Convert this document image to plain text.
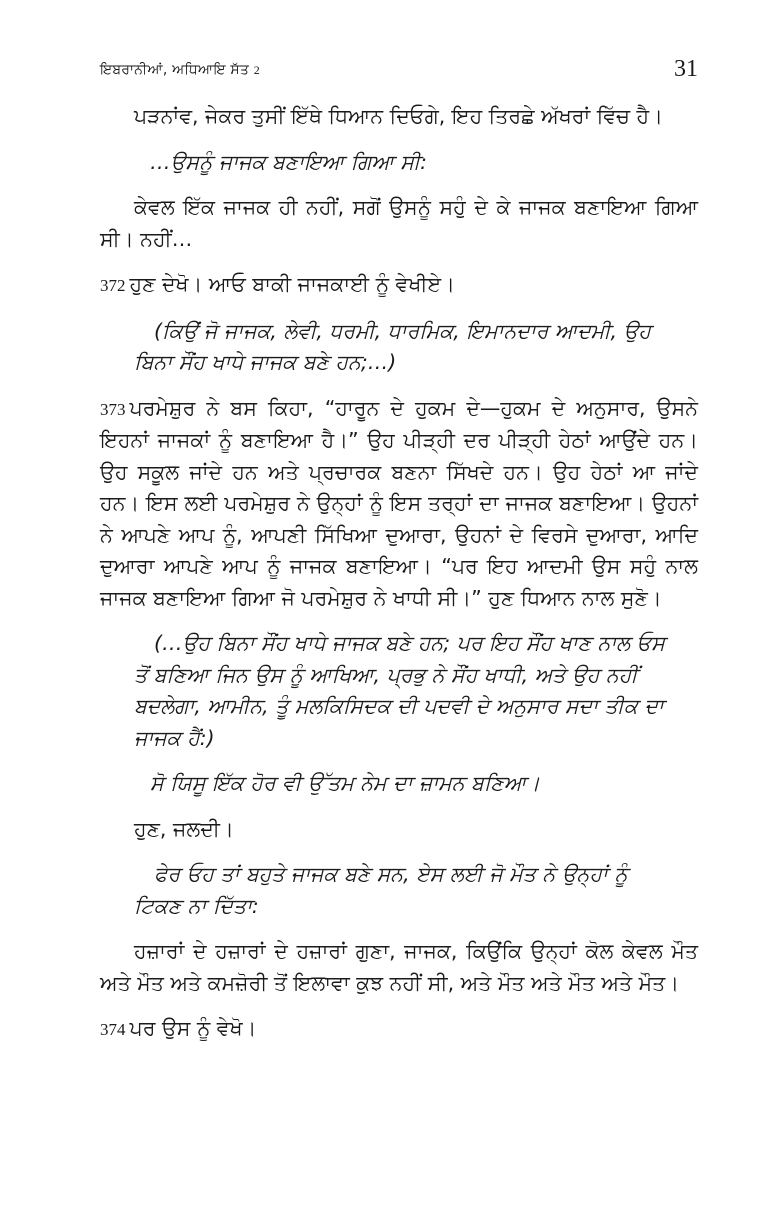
ਇਬਰਾਨੀਆਂ, ਅਧਿਆਇ ਸੱਤ 2	31

ਪੜਨਾਂਵ, ਜੇਕਰ ਤੁਸੀਂ ਇੱਥੇ ਧਿਆਨ ਦਿਓਗੇ, ਇਹ ਤਿਰਛੇ ਅੱਖਰਾਂ ਵਿੱਚ ਹੈ।

…ਉਸਨੂੰ ਜਾਜਕ ਬਣਾਇਆ ਗਿਆ ਸੀ:

ਕੇਵਲ ਇੱਕ ਜਾਜਕ ਹੀ ਨਹੀਂ, ਸਗੋਂ ਉਸਨੂੰ ਸਹੁੰ ਦੇ ਕੇ ਜਾਜਕ ਬਣਾਇਆ ਗਿਆ ਸੀ। ਨਹੀਂ…

372 ਹੁਣ ਦੇਖੋ। ਆਓ ਬਾਕੀ ਜਾਜਕਾਈ ਨੂੰ ਵੇਖੀਏ।

(ਕਿਉਂ ਜੋ ਜਾਜਕ, ਲੇਵੀ, ਧਰਮੀ, ਧਾਰਮਿਕ, ਇਮਾਨਦਾਰ ਆਦਮੀ, ਉਹ ਬਿਨਾ ਸੌਂਹ ਖਾਧੇ ਜਾਜਕ ਬਣੇ ਹਨ;…)

373 ਪਰਮੇਸ਼ੁਰ ਨੇ ਬਸ ਕਿਹਾ, “ਹਾਰੂਨ ਦੇ ਹੁਕਮ ਦੇ—ਹੁਕਮ ਦੇ ਅਨੁਸਾਰ, ਉਸਨੇ ਇਹਨਾਂ ਜਾਜਕਾਂ ਨੂੰ ਬਣਾਇਆ ਹੈ।” ਉਹ ਪੀੜ੍ਹੀ ਦਰ ਪੀੜ੍ਹੀ ਹੇਠਾਂ ਆਉਂਦੇ ਹਨ। ਉਹ ਸਕੂਲ ਜਾਂਦੇ ਹਨ ਅਤੇ ਪ੍ਰਚਾਰਕ ਬਣਨਾ ਸਿੱਖਦੇ ਹਨ। ਉਹ ਹੇਠਾਂ ਆ ਜਾਂਦੇ ਹਨ। ਇਸ ਲਈ ਪਰਮੇਸ਼ੁਰ ਨੇ ਉਨ੍ਹਾਂ ਨੂੰ ਇਸ ਤਰ੍ਹਾਂ ਦਾ ਜਾਜਕ ਬਣਾਇਆ। ਉਹਨਾਂ ਨੇ ਆਪਣੇ ਆਪ ਨੂੰ, ਆਪਣੀ ਸਿੱਖਿਆ ਦੁਆਰਾ, ਉਹਨਾਂ ਦੇ ਵਿਰਸੇ ਦੁਆਰਾ, ਆਦਿ ਦੁਆਰਾ ਆਪਣੇ ਆਪ ਨੂੰ ਜਾਜਕ ਬਣਾਇਆ। “ਪਰ ਇਹ ਆਦਮੀ ਉਸ ਸਹੁੰ ਨਾਲ ਜਾਜਕ ਬਣਾਇਆ ਗਿਆ ਜੋ ਪਰਮੇਸ਼ੁਰ ਨੇ ਖਾਧੀ ਸੀ।” ਹੁਣ ਧਿਆਨ ਨਾਲ ਸੁਣੋ।

(…ਉਹ ਬਿਨਾ ਸੌਂਹ ਖਾਧੇ ਜਾਜਕ ਬਣੇ ਹਨ; ਪਰ ਇਹ ਸੌਂਹ ਖਾਣ ਨਾਲ ਓਸ ਤੋਂ ਬਣਿਆ ਜਿਨ ਉਸ ਨੂੰ ਆਖਿਆ, ਪ੍ਰਭੁ ਨੇ ਸੌਂਹ ਖਾਧੀ, ਅਤੇ ਉਹ ਨਹੀਂ ਬਦਲੇਗਾ, ਆਮੀਨ, ਤੂੰ ਮਲਕਿਸਿਦਕ ਦੀ ਪਦਵੀ ਦੇ ਅਨੁਸਾਰ ਸਦਾ ਤੀਕ ਦਾ ਜਾਜਕ ਹੈਂ:)

ਸੋ ਯਿਸੂ ਇੱਕ ਹੋਰ ਵੀ ਉੱਤਮ ਨੇਮ ਦਾ ਜ਼ਾਮਨ ਬਣਿਆ।

ਹੁਣ, ਜਲਦੀ।

ਫੇਰ ਓਹ ਤਾਂ ਬਹੁਤੇ ਜਾਜਕ ਬਣੇ ਸਨ, ਏਸ ਲਈ ਜੋ ਮੌਤ ਨੇ ਉਨ੍ਹਾਂ ਨੂੰ ਟਿਕਣ ਨਾ ਦਿੱਤਾ:

ਹਜ਼ਾਰਾਂ ਦੇ ਹਜ਼ਾਰਾਂ ਦੇ ਹਜ਼ਾਰਾਂ ਗੁਣਾ, ਜਾਜਕ, ਕਿਉਂਕਿ ਉਨ੍ਹਾਂ ਕੋਲ ਕੇਵਲ ਮੌਤ ਅਤੇ ਮੌਤ ਅਤੇ ਕਮਜ਼ੋਰੀ ਤੋਂ ਇਲਾਵਾ ਕੁਝ ਨਹੀਂ ਸੀ, ਅਤੇ ਮੌਤ ਅਤੇ ਮੌਤ ਅਤੇ ਮੌਤ।

374 ਪਰ ਉਸ ਨੂੰ ਵੇਖੋ।
